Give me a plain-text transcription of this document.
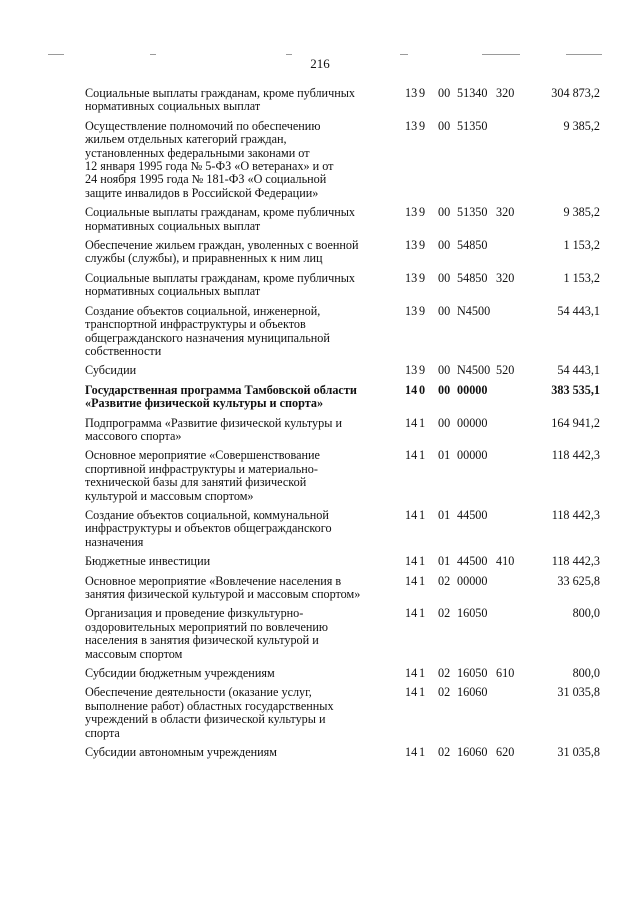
216
Социальные выплаты гражданам, кроме публичных
нормативных социальных выплат
13 9	00 51340 320	304 873,2
Осуществление полномочий по обеспечению
жильем отдельных категорий граждан,
установленных федеральными законами от
12 января 1995 года № 5-ФЗ «О ветеранах» и от
24 ноября 1995 года № 181-ФЗ «О социальной
защите инвалидов в Российской Федерации»
13 9	00 51350	9 385,2
Социальные выплаты гражданам, кроме публичных
нормативных социальных выплат
13 9	00 51350 320	9 385,2
Обеспечение жильем граждан, уволенных с военной
службы (службы), и приравненных к ним лиц
13 9	00 54850	1 153,2
Социальные выплаты гражданам, кроме публичных
нормативных социальных выплат
13 9	00 54850 320	1 153,2
Создание объектов социальной, инженерной,
транспортной инфраструктуры и объектов
общегражданского назначения муниципальной
собственности
13 9	00 N4500	54 443,1
Субсидии	13 9	00 N4500 520	54 443,1
Государственная программа Тамбовской области
«Развитие физической культуры и спорта»
14 0	00 00000	383 535,1
Подпрограмма «Развитие физической культуры и
массового спорта»
14 1	00 00000	164 941,2
Основное мероприятие «Совершенствование
спортивной инфраструктуры и материально-
технической базы для занятий физической
культурой и массовым спортом»
14 1	01 00000	118 442,3
Создание объектов социальной, коммунальной
инфраструктуры и объектов общегражданского
назначения
14 1	01 44500	118 442,3
Бюджетные инвестиции	14 1	01 44500 410	118 442,3
Основное мероприятие «Вовлечение населения в
занятия физической культурой и массовым спортом»
14 1	02 00000	33 625,8
Организация и проведение физкультурно-
оздоровительных мероприятий по вовлечению
населения в занятия физической культурой и
массовым спортом
14 1	02 16050	800,0
Субсидии бюджетным учреждениям	14 1	02 16050 610	800,0
Обеспечение деятельности (оказание услуг,
выполнение работ) областных государственных
учреждений в области физической культуры и
спорта
14 1	02 16060	31 035,8
Субсидии автономным учреждениям	14 1	02 16060 620	31 035,8
